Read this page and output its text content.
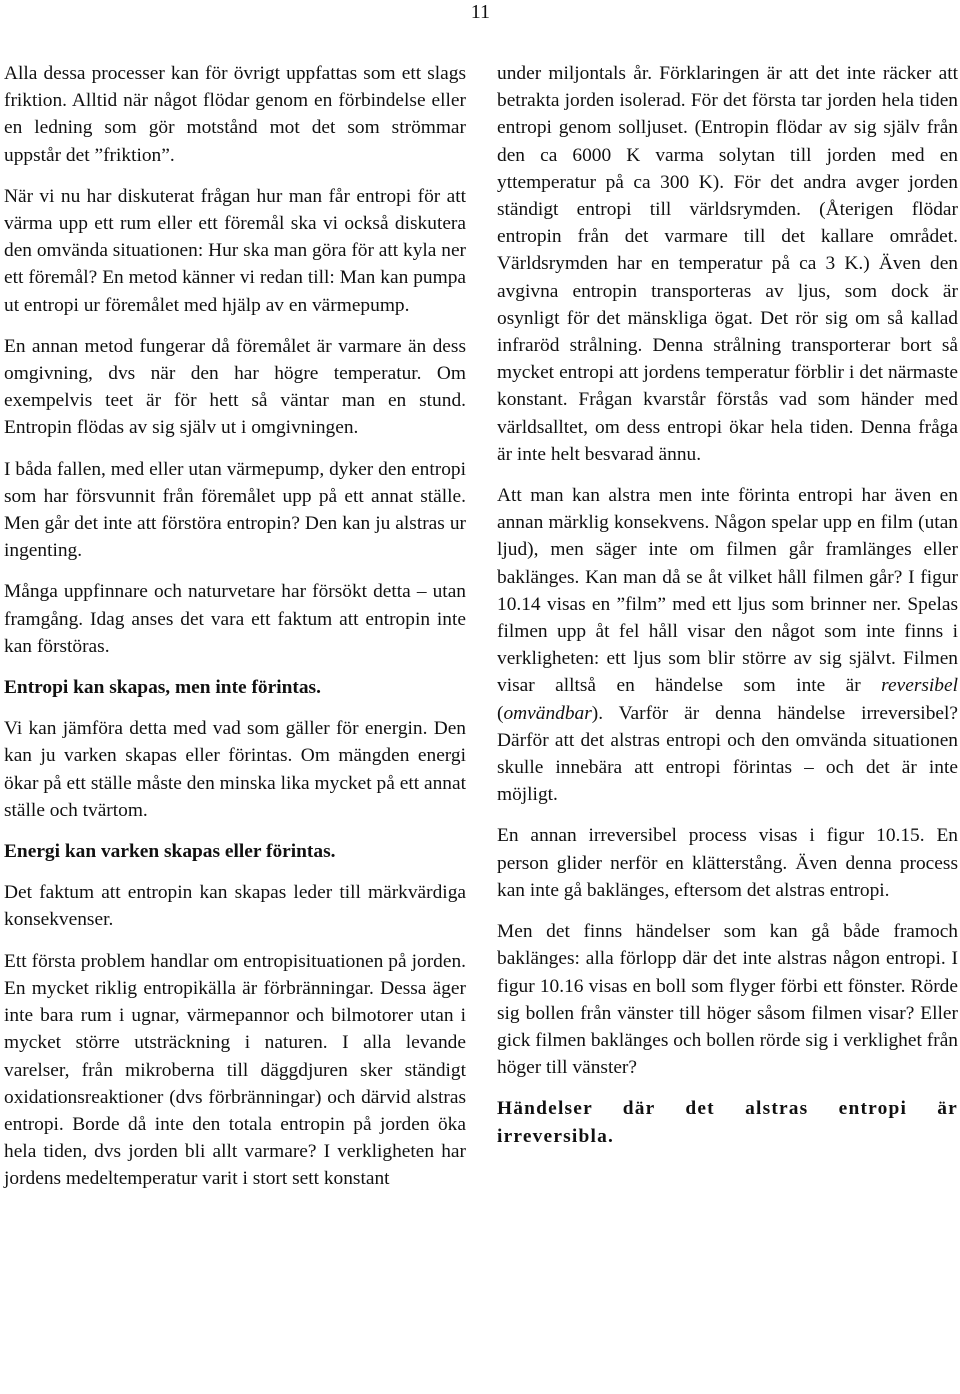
11

Alla dessa processer kan för övrigt uppfattas som ett slags friktion. Alltid när något flödar genom en förbindelse eller en ledning som gör motstånd mot det som strömmar uppstår det ”friktion”.

När vi nu har diskuterat frågan hur man får entropi för att värma upp ett rum eller ett föremål ska vi också diskutera den omvända situationen: Hur ska man göra för att kyla ner ett föremål? En metod känner vi redan till: Man kan pumpa ut entropi ur föremålet med hjälp av en värmepump.

En annan metod fungerar då föremålet är varmare än dess omgivning, dvs när den har högre temperatur. Om exempelvis teet är för hett så väntar man en stund. Entropin flödas av sig själv ut i omgivningen.

I båda fallen, med eller utan värmepump, dyker den entropi som har försvunnit från föremålet upp på ett annat ställe. Men går det inte att förstöra entropin? Den kan ju alstras ur ingenting.

Många uppfinnare och naturvetare har försökt detta – utan framgång. Idag anses det vara ett faktum att entropin inte kan förstöras.

Entropi kan skapas, men inte förintas.

Vi kan jämföra detta med vad som gäller för energin. Den kan ju varken skapas eller förintas. Om mängden energi ökar på ett ställe måste den minska lika mycket på ett annat ställe och tvärtom.

Energi kan varken skapas eller förintas.

Det faktum att entropin kan skapas leder till märkvärdiga konsekvenser.

Ett första problem handlar om entropisituationen på jorden. En mycket riklig entropikälla är förbränningar. Dessa äger inte bara rum i ugnar, värmepannor och bilmotorer utan i mycket större utsträckning i naturen. I alla levande varelser, från mikroberna till däggdjuren sker ständigt oxidationsreaktioner (dvs förbränningar) och därvid alstras entropi. Borde då inte den totala entropin på jorden öka hela tiden, dvs jorden bli allt varmare? I verkligheten har jordens medeltemperatur varit i stort sett konstant

under miljontals år. Förklaringen är att det inte räcker att betrakta jorden isolerad. För det första tar jorden hela tiden entropi genom solljuset. (Entropin flödar av sig själv från den ca 6000 K varma solytan till jorden med en yttemperatur på ca 300 K). För det andra avger jorden ständigt entropi till världsrymden. (Återigen flödar entropin från det varmare till det kallare området. Världsrymden har en temperatur på ca 3 K.) Även den avgivna entropin transporteras av ljus, som dock är osynligt för det mänskliga ögat. Det rör sig om så kallad infraröd strålning. Denna strålning transporterar bort så mycket entropi att jordens temperatur förblir i det närmaste konstant. Frågan kvarstår förstås vad som händer med världsalltet, om dess entropi ökar hela tiden. Denna fråga är inte helt besvarad ännu.

Att man kan alstra men inte förinta entropi har även en annan märklig konsekvens. Någon spelar upp en film (utan ljud), men säger inte om filmen går framlänges eller baklänges. Kan man då se åt vilket håll filmen går? I figur 10.14 visas en ”film” med ett ljus som brinner ner. Spelas filmen upp åt fel håll visar den något som inte finns i verkligheten: ett ljus som blir större av sig självt. Filmen visar alltså en händelse som inte är reversibel (omvändbar). Varför är denna händelse irreversibel? Därför att det alstras entropi och den omvända situationen skulle innebära att entropi förintas – och det är inte möjligt.

En annan irreversibel process visas i figur 10.15. En person glider nerför en klätterstång. Även denna process kan inte gå baklänges, eftersom det alstras entropi.

Men det finns händelser som kan gå både framoch baklänges: alla förlopp där det inte alstras någon entropi. I figur 10.16 visas en boll som flyger förbi ett fönster. Rörde sig bollen från vänster till höger såsom filmen visar? Eller gick filmen baklänges och bollen rörde sig i verklighet från höger till vänster?

Händelser där det alstras entropi är irreversibla.
